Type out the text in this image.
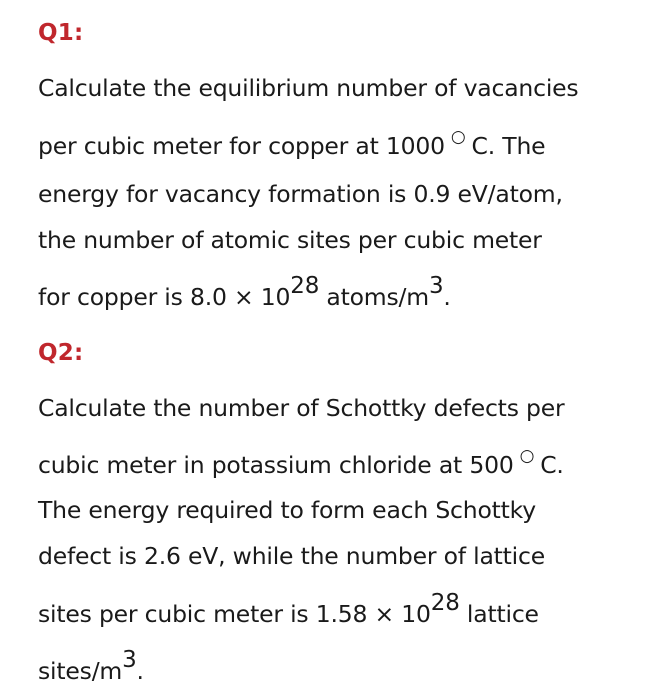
Q1:
Calculate the equilibrium number of vacancies
per cubic meter for copper at 1000 ○ C. The
energy for vacancy formation is 0.9 eV/atom,
the number of atomic sites per cubic meter
for copper is 8.0 × 1028 atoms/m3.
Q2:
Calculate the number of Schottky defects per
cubic meter in potassium chloride at 500 ○ C.
The energy required to form each Schottky
defect is 2.6 eV, while the number of lattice
sites per cubic meter is 1.58 × 1028 lattice
sites/m3.
